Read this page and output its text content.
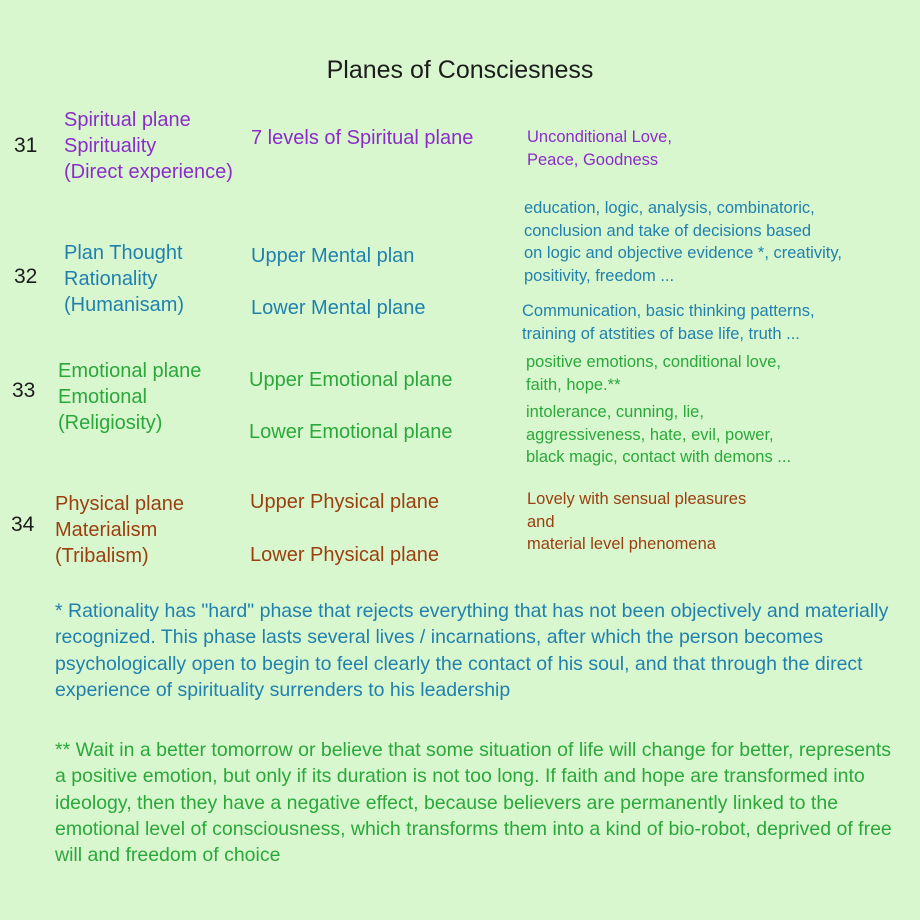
Planes of Consciesness
31
Spiritual plane
Spirituality
(Direct experience)
7 levels of Spiritual plane	Unconditional Love,
Peace, Goodness
32
Plan Thought
Rationality
(Humanisam)
Upper Mental plan
Lower Mental plane
education, logic, analysis, combinatoric,
conclusion and take of decisions based
on logic and objective evidence *, creativity,
positivity, freedom ...
Communication, basic thinking patterns,
training of atstities of base life, truth ...
33
Emotional plane
Emotional
(Religiosity)
Upper Emotional plane
Lower Emotional plane
positive emotions, conditional love,
faith, hope.**
intolerance, cunning, lie,
aggressiveness, hate, evil, power,
black magic, contact with demons ...
34
Physical plane
Materialism
(Tribalism)
Upper Physical plane
Lower Physical plane
Lovely with sensual pleasures
and
material level phenomena
* Rationality has "hard" phase that rejects everything that has not been objectively and materially recognized. This phase lasts several lives / incarnations, after which the person becomes psychologically open to begin to feel clearly the contact of his soul, and that through the direct experience of spirituality surrenders to his leadership
** Wait in a better tomorrow or believe that some situation of life will change for better, represents a positive emotion, but only if its duration is not too long. If faith and hope are transformed into ideology, then they have a negative effect, because believers are permanently linked to the emotional level of consciousness, which transforms them into a kind of bio-robot, deprived of free will and freedom of choice
